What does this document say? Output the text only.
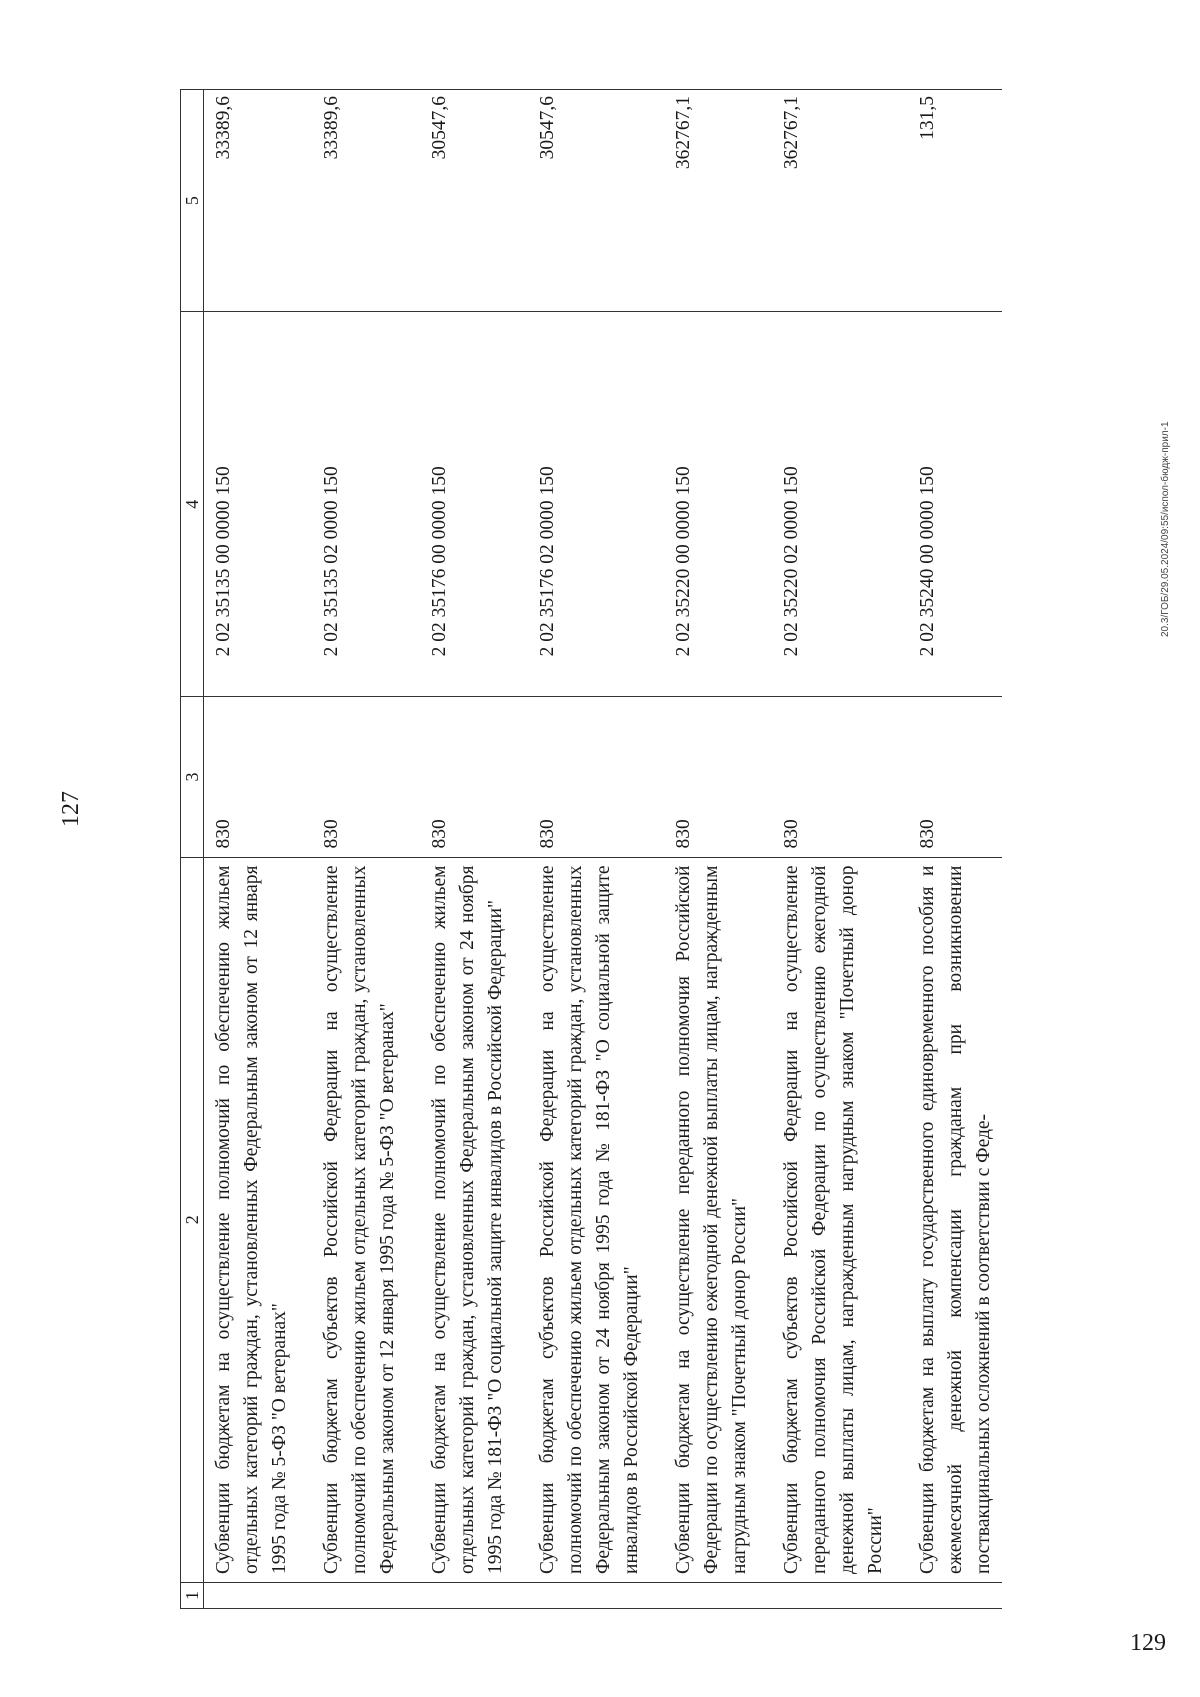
129
127
1	2	3	4	5
	Субвенции бюджетам на осуществление полномочий по обеспечению жильем отдельных категорий граждан, установленных Федеральным законом от 12 января 1995 года № 5-ФЗ "О ветеранах"	830	2 02 35135 00 0000 150	33389,6
	Субвенции бюджетам субъектов Российской Федерации на осуществление полномочий по обеспечению жильем отдельных категорий граждан, установленных Федеральным законом от 12 января 1995 года № 5-ФЗ "О ветеранах"	830	2 02 35135 02 0000 150	33389,6
	Субвенции бюджетам на осуществление полномочий по обеспечению жильем отдельных категорий граждан, установленных Федеральным законом от 24 ноября 1995 года № 181-ФЗ "О социальной защите инвалидов в Российской Федерации"	830	2 02 35176 00 0000 150	30547,6
	Субвенции бюджетам субъектов Российской Федерации на осуществление полномочий по обеспечению жильем отдельных категорий граждан, установленных Федеральным законом от 24 ноября 1995 года № 181-ФЗ "О социальной защите инвалидов в Российской Федерации"	830	2 02 35176 02 0000 150	30547,6
	Субвенции бюджетам на осуществление переданного полномочия Российской Федерации по осуществлению ежегодной денежной выплаты лицам, награжденным нагрудным знаком "Почетный донор России"	830	2 02 35220 00 0000 150	362767,1
	Субвенции бюджетам субъектов Российской Федерации на осуществление переданного полномочия Российской Федерации по осуществлению ежегодной денежной выплаты лицам, награжденным нагрудным знаком "Почетный донор России"	830	2 02 35220 02 0000 150	362767,1
	Субвенции бюджетам на выплату государственного единовременного пособия и ежемесячной денежной компенсации гражданам при возникновении поствакцинальных осложнений в соответствии с Феде-	830	2 02 35240 00 0000 150	131,5
20.3/ГОБ/29.05.2024/09:55/испол-бюдж-прил-1
